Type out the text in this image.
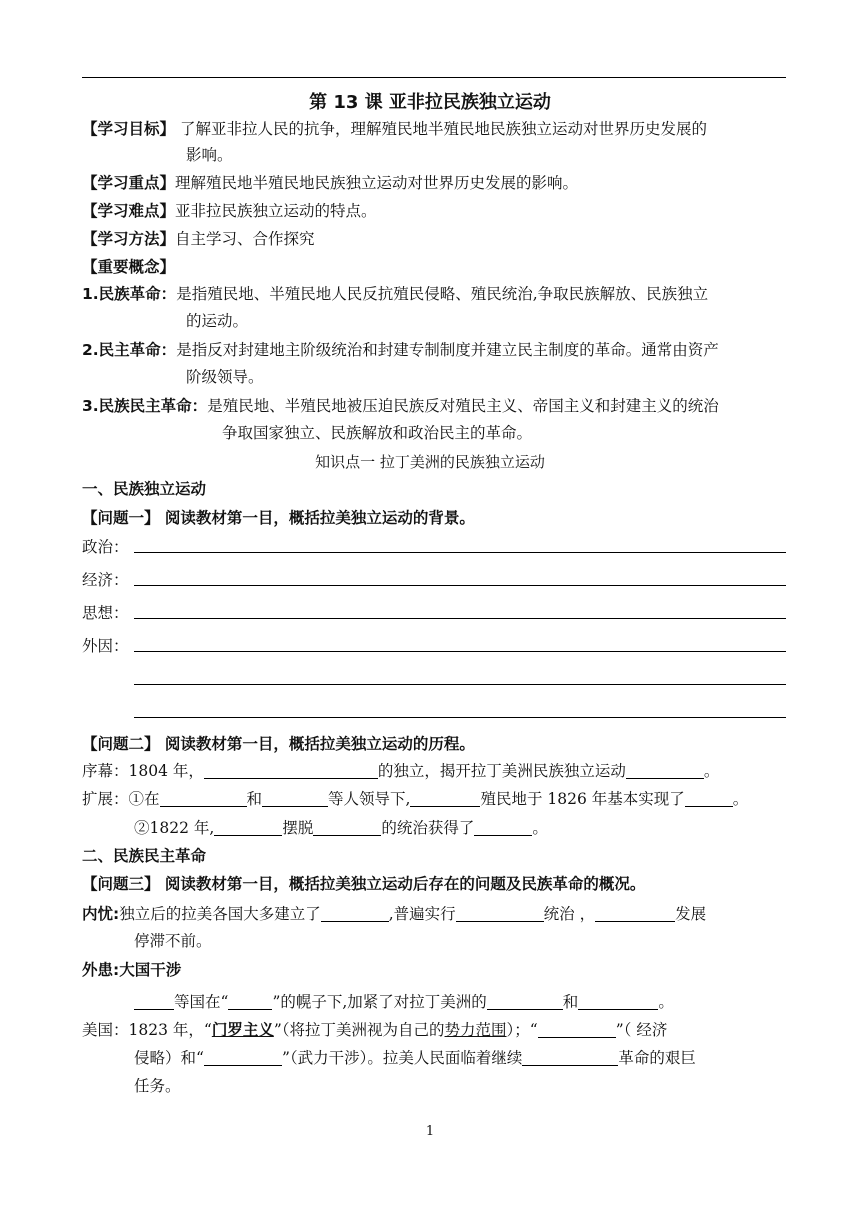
第 13 课 亚非拉民族独立运动
【学习目标】 了解亚非拉人民的抗争，理解殖民地半殖民地民族独立运动对世界历史发展的
影响。
【学习重点】理解殖民地半殖民地民族独立运动对世界历史发展的影响。
【学习难点】亚非拉民族独立运动的特点。
【学习方法】自主学习、合作探究
【重要概念】
1.民族革命：是指殖民地、半殖民地人民反抗殖民侵略、殖民统治,争取民族解放、民族独立
的运动。
2.民主革命：是指反对封建地主阶级统治和封建专制制度并建立民主制度的革命。通常由资产
阶级领导。
3.民族民主革命：是殖民地、半殖民地被压迫民族反对殖民主义、帝国主义和封建主义的统治
争取国家独立、民族解放和政治民主的革命。
知识点一 拉丁美洲的民族独立运动
一、民族独立运动
【问题一】 阅读教材第一目，概括拉美独立运动的背景。
政治：
经济：
思想：
外因：
【问题二】 阅读教材第一目，概括拉美独立运动的历程。
序幕：1804 年，	的独立，揭开拉丁美洲民族独立运动	。
扩展：①在	和	等人领导下,	殖民地于 1826 年基本实现了	。
②1822 年,	摆脱	的统治获得了	。
二、民族民主革命
【问题三】 阅读教材第一目，概括拉美独立运动后存在的问题及民族革命的概况。
内忧:独立后的拉美各国大多建立了	,普遍实行	统治 ，	发展
停滞不前。
外患:大国干涉
等国在“	”的幌子下,加紧了对拉丁美洲的	和	。
美国：1823 年，“门罗主义”（将拉丁美洲视为自己的势力范围）；“	”（ 经济
侵略）和“	”（武力干涉）。拉美人民面临着继续	革命的艰巨
任务。
1
